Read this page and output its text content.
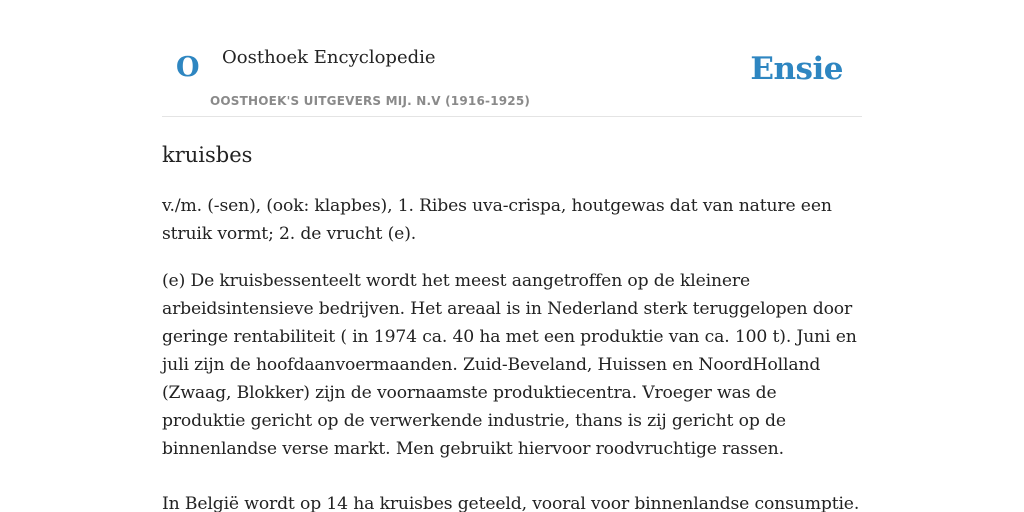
O Oosthoek Encyclopedie
OOSTHOEK'S UITGEVERS MIJ. N.V (1916-1925)
Ensie
kruisbes

v./m. (-sen), (ook: klapbes), 1. Ribes uva-crispa, houtgewas dat van nature een struik vormt; 2. de vrucht (e).

(e) De kruisbessenteelt wordt het meest aangetroffen op de kleinere arbeidsintensieve bedrijven. Het areaal is in Nederland sterk teruggelopen door geringe rentabiliteit ( in 1974 ca. 40 ha met een produktie van ca. 100 t). Juni en juli zijn de hoofdaanvoermaanden. Zuid-Beveland, Huissen en NoordHolland (Zwaag, Blokker) zijn de voornaamste produktiecentra. Vroeger was de produktie gericht op de verwerkende industrie, thans is zij gericht op de binnenlandse verse markt. Men gebruikt hiervoor roodvruchtige rassen.

In België wordt op 14 ha kruisbes geteeld, vooral voor binnenlandse consumptie.
